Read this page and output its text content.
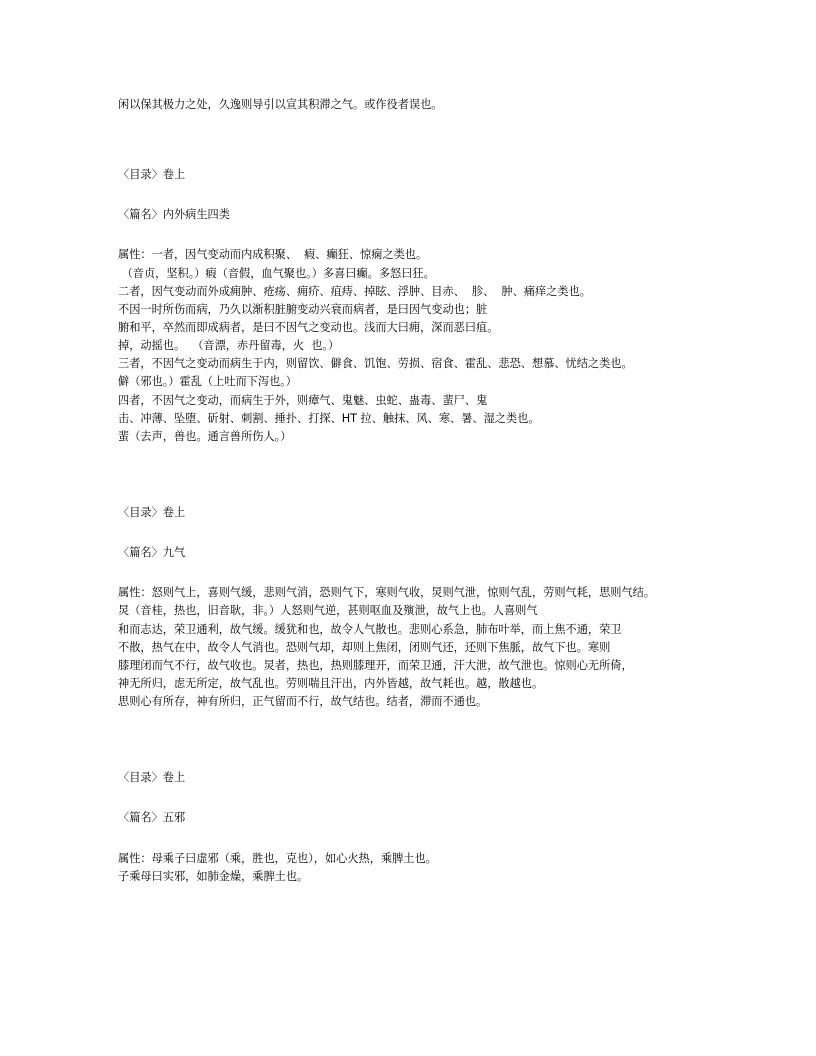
闲以保其极力之处，久逸则导引以宣其积滞之气。或作役者误也。

〈目录〉卷上

〈篇名〉内外病生四类

属性：一者，因气变动而内成积聚、  瘕、癫狂、惊痫之类也。

（音贞，坚积。）瘕（音假，血气聚也。）多喜曰癫。多怒曰狂。

二者，因气变动而外成痈肿、疮疡、痈疥、疽痔、掉眩、浮肿、目赤、  胗、  肿、痛痒之类也。

不因一时所伤而病，乃久以渐积脏腑变动兴衰而病者，是曰因气变动也；脏

腑和平，卒然而即成病者，是曰不因气之变动也。浅而大曰痈，深而恶曰疽。

掉，动摇也。  （音漂，赤丹留毒，火  也。）

三者，不因气之变动而病生于内，则留饮、僻食、饥饱、劳损、宿食、霍乱、悲恐、想慕、忧结之类也。

僻（邪也。）霍乱（上吐而下泻也。）

四者，不因气之变动，而病生于外，则瘴气、鬼魅、虫蛇、蛊毒、蜚尸、鬼

击、冲薄、坠堕、斫射、刺割、捶扑、打探、HT 拉、触抹、风、寒、暑、湿之类也。

蜚（去声，兽也。通言兽所伤人。）

〈目录〉卷上

〈篇名〉九气

属性：怒则气上，喜则气缓，悲则气消，恐则气下，寒则气收，炅则气泄，惊则气乱，劳则气耗，思则气结。

炅（音桂，热也，旧音耿，非。）人怒则气逆，甚则呕血及殥泄，故气上也。人喜则气

和而志达，荣卫通利，故气缓。缓犹和也，故令人气散也。悲则心系急，肺布叶举，而上焦不通，荣卫

不散，热气在中，故令人气消也。恐则气却，却则上焦闭，闭则气还，还则下焦脈，故气下也。寒则

膝理闭而气不行，故气收也。炅者，热也，热则膝理开，而荣卫通，汗大泄，故气泄也。惊则心无所倚，

神无所归，虑无所定，故气乱也。劳则喘且汗出，内外皆越，故气耗也。越，散越也。

思则心有所存，神有所归，正气留而不行，故气结也。结者，滞而不通也。

〈目录〉卷上

〈篇名〉五邪

属性：母乘子曰虚邪（乘，胜也，克也），如心火热，乘脾土也。

子乘母曰实邪，如肺金燥，乘脾土也。
